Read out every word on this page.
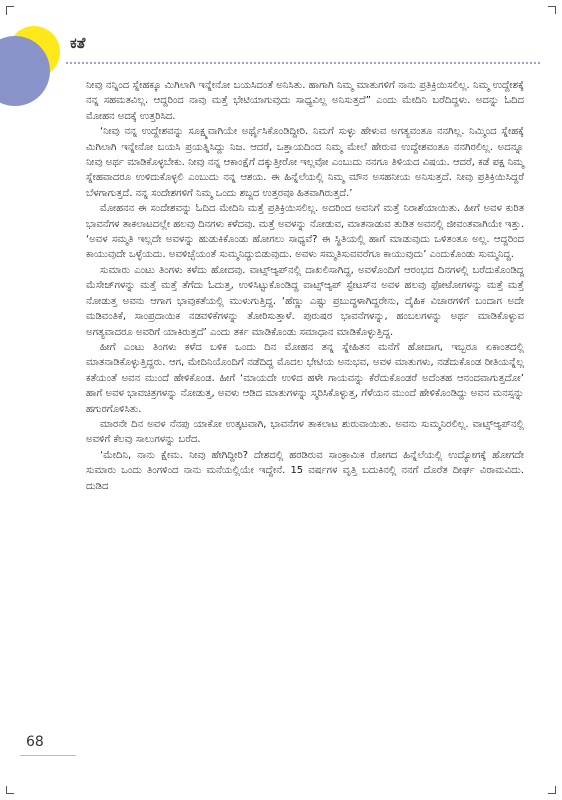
ಕತೆ

ನೀವು ನನ್ನಿಂದ ಸ್ನೇಹಕ್ಕೂ ಮಿಗಿಲಾಗಿ ಇನ್ನೇನೋ ಬಯಸಿದಂತೆ ಅನಿಸಿತು. ಹಾಗಾಗಿ ನಿಮ್ಮ ಮಾತುಗಳಿಗೆ ನಾನು ಪ್ರತಿಕ್ರಿಯಿಸಲಿಲ್ಲ. ನಿಮ್ಮ ಉದ್ದೇಶಕ್ಕೆ ನನ್ನ ಸಹಮತವಿಲ್ಲ. ಆದ್ದರಿಂದ ನಾವು ಮತ್ತೆ ಭೇಟಿಯಾಗುವುದು ಸಾಧ್ಯವಿಲ್ಲ ಅನಿಸುತ್ತದೆ” ಎಂದು ಮೇದಿನಿ ಬರೆದಿದ್ದಳು. ಅದನ್ನು ಓದಿದ ಮೋಹನ ಅದಕ್ಕೆ ಉತ್ತರಿಸಿದ.

‘ನೀವು ನನ್ನ ಉದ್ದೇಶವನ್ನು ಸೂಕ್ಷ್ಮವಾಗಿಯೇ ಅರ್ಥೈಸಿಕೊಂಡಿದ್ದೀರಿ. ನಿಮಗೆ ಸುಳ್ಳು ಹೇಳುವ ಅಗತ್ಯವಂತೂ ನನಗಿಲ್ಲ. ನಿಮ್ಮಿಂದ ಸ್ನೇಹಕ್ಕೆ ಮಿಗಿಲಾಗಿ ಇನ್ನೇನೋ ಬಯಸಿ ಪ್ರಯತ್ನಿಸಿದ್ದು ನಿಜ. ಆದರೆ, ಒತ್ತಾಯದಿಂದ ನಿಮ್ಮ ಮೇಲೆ ಹೇರುವ ಉದ್ದೇಶವಂತೂ ನನಗಿರಲಿಲ್ಲ. ಅದನ್ನೂ ನೀವು ಅರ್ಥ ಮಾಡಿಕೊಳ್ಳಬೇಕು. ನೀವು ನನ್ನ ಆಕಾಂಕ್ಷೆಗೆ ದಕ್ಕುತ್ತೀರೋ ಇಲ್ಲವೋ ಎಂಬುದು ನನಗೂ ತಿಳಿಯದ ವಿಷಯ. ಆದರೆ, ಕಡೆ ಪಕ್ಷ ನಿಮ್ಮ ಸ್ನೇಹವಾದರೂ ಉಳಿದುಕೊಳ್ಳಲಿ ಎಂಬುದು ನನ್ನ ಆಶಯ. ಈ ಹಿನ್ನೆಲೆಯಲ್ಲಿ ನಿಮ್ಮ ಮೌನ ಅಸಹನೀಯ ಅನಿಸುತ್ತದೆ. ನೀವು ಪ್ರತಿಕ್ರಿಯಿಸಿದ್ದರೆ ಬೆಳಗಾಗುತ್ತದೆ. ನನ್ನ ಸಂದೇಶಗಳಿಗೆ ನಿಮ್ಮ ಒಂದು ಶಬ್ದದ ಉತ್ತರವೂ ಹಿತವಾಗಿರುತ್ತದೆ.’

ಮೋಹನನ ಈ ಸಂದೇಶವನ್ನು ಓದಿದ ಮೇದಿನಿ ಮತ್ತೆ ಪ್ರತಿಕ್ರಿಯಿಸಲಿಲ್ಲ. ಅದರಿಂದ ಅವನಿಗೆ ಮತ್ತೆ ನಿರಾಶೆಯಾಯಿತು. ಹೀಗೆ ಅವಳ ಕುರಿತ ಭಾವನೆಗಳ ತಾಕಲಾಟದಲ್ಲೇ ಹಲವು ದಿನಗಳು ಕಳೆದವು. ಮತ್ತೆ ಅವಳನ್ನು ನೋಡುವ, ಮಾತನಾಡುವ ತುಡಿತ ಅವನಲ್ಲಿ ಜೀವಂತವಾಗಿಯೇ ಇತ್ತು. ‘ಅವಳ ಸಮ್ಮತಿ ಇಲ್ಲದೇ ಅವಳನ್ನು ಹುಡುಕಿಕೊಂಡು ಹೋಗಲು ಸಾಧ್ಯವೆ? ಈ ಸ್ಥಿತಿಯಲ್ಲಿ ಹಾಗೆ ಮಾಡುವುದು ಒಳಿತಂತೂ ಅಲ್ಲ. ಆದ್ದರಿಂದ ಕಾಯುವುದೇ ಒಳ್ಳೆಯದು. ಅವಳಿಚ್ಛೆಯಂತೆ ಸುಮ್ಮನಿದ್ದುಬಿಡುವುದು. ಅವಳು ಸಮ್ಮತಿಸುವವರೆಗೂ ಕಾಯುವುದು’ ಎಂದುಕೊಂಡು ಸುಮ್ಮನಿದ್ದ.

ಸುಮಾರು ಎಂಟು ತಿಂಗಳು ಕಳೆದು ಹೋದವು. ವಾಟ್ಸ್‌ಆ್ಯಪ್‌ನಲ್ಲಿ ದಾಖಲಿಸಾಗಿದ್ದ, ಅವಳೊಂದಿಗೆ ಆರಂಭದ ದಿನಗಳಲ್ಲಿ ಬರೆದುಕೊಂಡಿದ್ದ ಮೆಸೇಜ್‌ಗಳನ್ನು ಮತ್ತೆ ಮತ್ತೆ ತೆಗೆದು ಓದುತ್ತ, ಉಳಿಸಿಟ್ಟುಕೊಂಡಿದ್ದ ವಾಟ್ಸ್‌ಆ್ಯಪ್ ಸ್ಟೇಟಸ್‌ನ ಅವಳ ಹಲವು ಫೋಟೋಗಳನ್ನು ಮತ್ತೆ ಮತ್ತೆ ನೋಡುತ್ತ ಅವನು ಆಗಾಗ ಭಾವುಕತೆಯಲ್ಲಿ ಮುಳುಗುತ್ತಿದ್ದ. ‘ಹೆಣ್ಣು ಎಷ್ಟು ಪ್ರಬುದ್ಧಳಾಗಿದ್ದರೇನು, ದೈಹಿಕ ವಿಚಾರಗಳಿಗೆ ಬಂದಾಗ ಅದೇ ಮಡಿವಂತಿಕೆ, ಸಾಂಪ್ರದಾಯಿಕ ನಡವಳಿಕೆಗಳನ್ನು ತೋರಿಸುತ್ತಾಳೆ. ಪುರುಷರ ಭಾವನೆಗಳನ್ನು, ಹಂಬಲಗಳನ್ನು ಅರ್ಥ ಮಾಡಿಕೊಳ್ಳುವ ಅಗತ್ಯವಾದರೂ ಅವರಿಗೆ ಯಾಕಿರುತ್ತದೆ’ ಎಂದು ತರ್ಕ ಮಾಡಿಕೊಂಡು ಸಮಾಧಾನ ಮಾಡಿಕೊಳ್ಳುತ್ತಿದ್ದ.

ಹೀಗೆ ಎಂಟು ತಿಂಗಳು ಕಳೆದ ಬಳಿಕ ಒಂದು ದಿನ ಮೋಹನ ತನ್ನ ಸ್ನೇಹಿತನ ಮನೆಗೆ ಹೋದಾಗ, ಇಬ್ಬರೂ ಏಕಾಂತದಲ್ಲಿ ಮಾತನಾಡಿಕೊಳ್ಳುತ್ತಿದ್ದರು. ಆಗ, ಮೇದಿನಿಯೊಂದಿಗೆ ನಡೆದಿದ್ದ ಮೊದಲ ಭೇಟಿಯ ಅನುಭವ, ಅವಳ ಮಾತುಗಳು, ನಡೆದುಕೊಂಡ ರೀತಿಯನ್ನೆಲ್ಲ ಕತೆಯಂತೆ ಅವನ ಮುಂದೆ ಹೇಳಿಕೊಂಡ. ಹೀಗೆ ‘ಮಾಯದೇ ಉಳಿದ ಹಳೇ ಗಾಯವನ್ನು ಕೆರೆದುಕೊಂಡರೆ ಅದೆಂತಹ ಆನಂದವಾಗುತ್ತದೋ’ ಹಾಗೆ ಅವಳ ಭಾವಚಿತ್ರಗಳನ್ನು ನೋಡುತ್ತ, ಅವಳು ಆಡಿದ ಮಾತುಗಳನ್ನು ಸ್ಮರಿಸಿಕೊಳ್ಳುತ್ತ, ಗೆಳೆಯನ ಮುಂದೆ ಹೇಳಿಕೊಂಡಿದ್ದು ಅವನ ಮನಸ್ಸನ್ನು ಹಗುರಗೊಳಿಸಿತು.

ಮಾರನೇ ದಿನ ಅವಳ ನೆನಪು ಯಾಕೋ ಉತ್ಕಟವಾಗಿ, ಭಾವನೆಗಳ ತಾಕಲಾಟ ಶುರುವಾಯಿತು. ಅವನು ಸುಮ್ಮನಿರಲಿಲ್ಲ. ವಾಟ್ಸ್‌ಆ್ಯಪ್‌ನಲ್ಲಿ ಅವಳಿಗೆ ಕೆಲವು ಸಾಲುಗಳನ್ನು ಬರೆದ.

‘ಮೇದಿನಿ, ನಾನು ಕ್ಷೇಮ. ನೀವು ಹೇಗಿದ್ದೀರಿ? ದೇಶದಲ್ಲಿ ಹರಡಿರುವ ಸಾಂಕ್ರಾಮಿಕ ರೋಗದ ಹಿನ್ನೆಲೆಯಲ್ಲಿ ಉದ್ಯೋಗಕ್ಕೆ ಹೋಗದೇ ಸುಮಾರು ಒಂದು ತಿಂಗಳಿಂದ ನಾನು ಮನೆಯಲ್ಲಿಯೇ ಇದ್ದೇನೆ. 15 ವರ್ಷಗಳ ವೃತ್ತಿ ಬದುಕಿನಲ್ಲಿ ನನಗೆ ದೊರೆತ ದೀರ್ಘ ವಿರಾಮವಿದು. ದುಡಿದ

68
